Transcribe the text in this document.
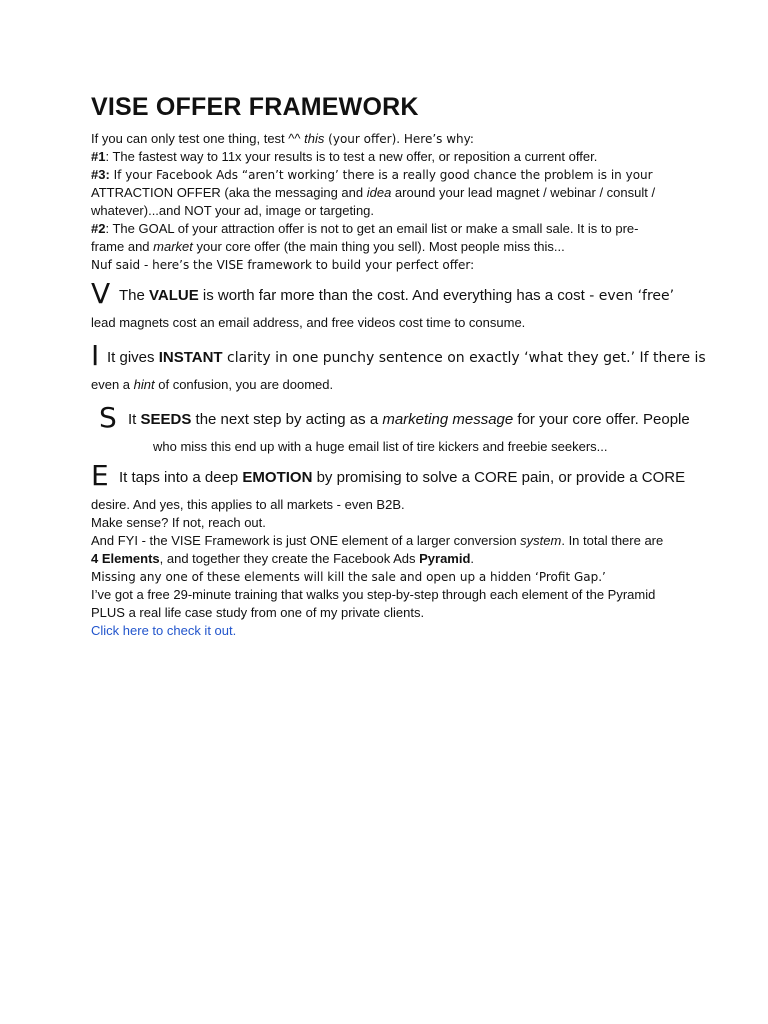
VISE OFFER FRAMEWORK
If you can only test one thing, test ^^ this (your offer). Here’s why:
#1: The fastest way to 11x your results is to test a new offer, or reposition a current offer.
#3: If your Facebook Ads “aren’t working’ there is a really good chance the problem is in your
ATTRACTION OFFER (aka the messaging and idea around your lead magnet / webinar / consult /
whatever)...and NOT your ad, image or targeting.
#2: The GOAL of your attraction offer is not to get an email list or make a small sale. It is to pre-
frame and market your core offer (the main thing you sell). Most people miss this...
Nuf said - here’s the VISE framework to build your perfect offer:
V The VALUE is worth far more than the cost. And everything has a cost - even ‘free’
lead magnets cost an email address, and free videos cost time to consume.
I It gives INSTANT clarity in one punchy sentence on exactly ‘what they get.’ If there is
even a hint of confusion, you are doomed.
S It SEEDS the next step by acting as a marketing message for your core offer. People
who miss this end up with a huge email list of tire kickers and freebie seekers...
E It taps into a deep EMOTION by promising to solve a CORE pain, or provide a CORE
desire. And yes, this applies to all markets - even B2B.
Make sense? If not, reach out.
And FYI - the VISE Framework is just ONE element of a larger conversion system. In total there are
4 Elements, and together they create the Facebook Ads Pyramid.
Missing any one of these elements will kill the sale and open up a hidden ‘Profit Gap.’
I’ve got a free 29-minute training that walks you step-by-step through each element of the Pyramid
PLUS a real life case study from one of my private clients.
Click here to check it out.
